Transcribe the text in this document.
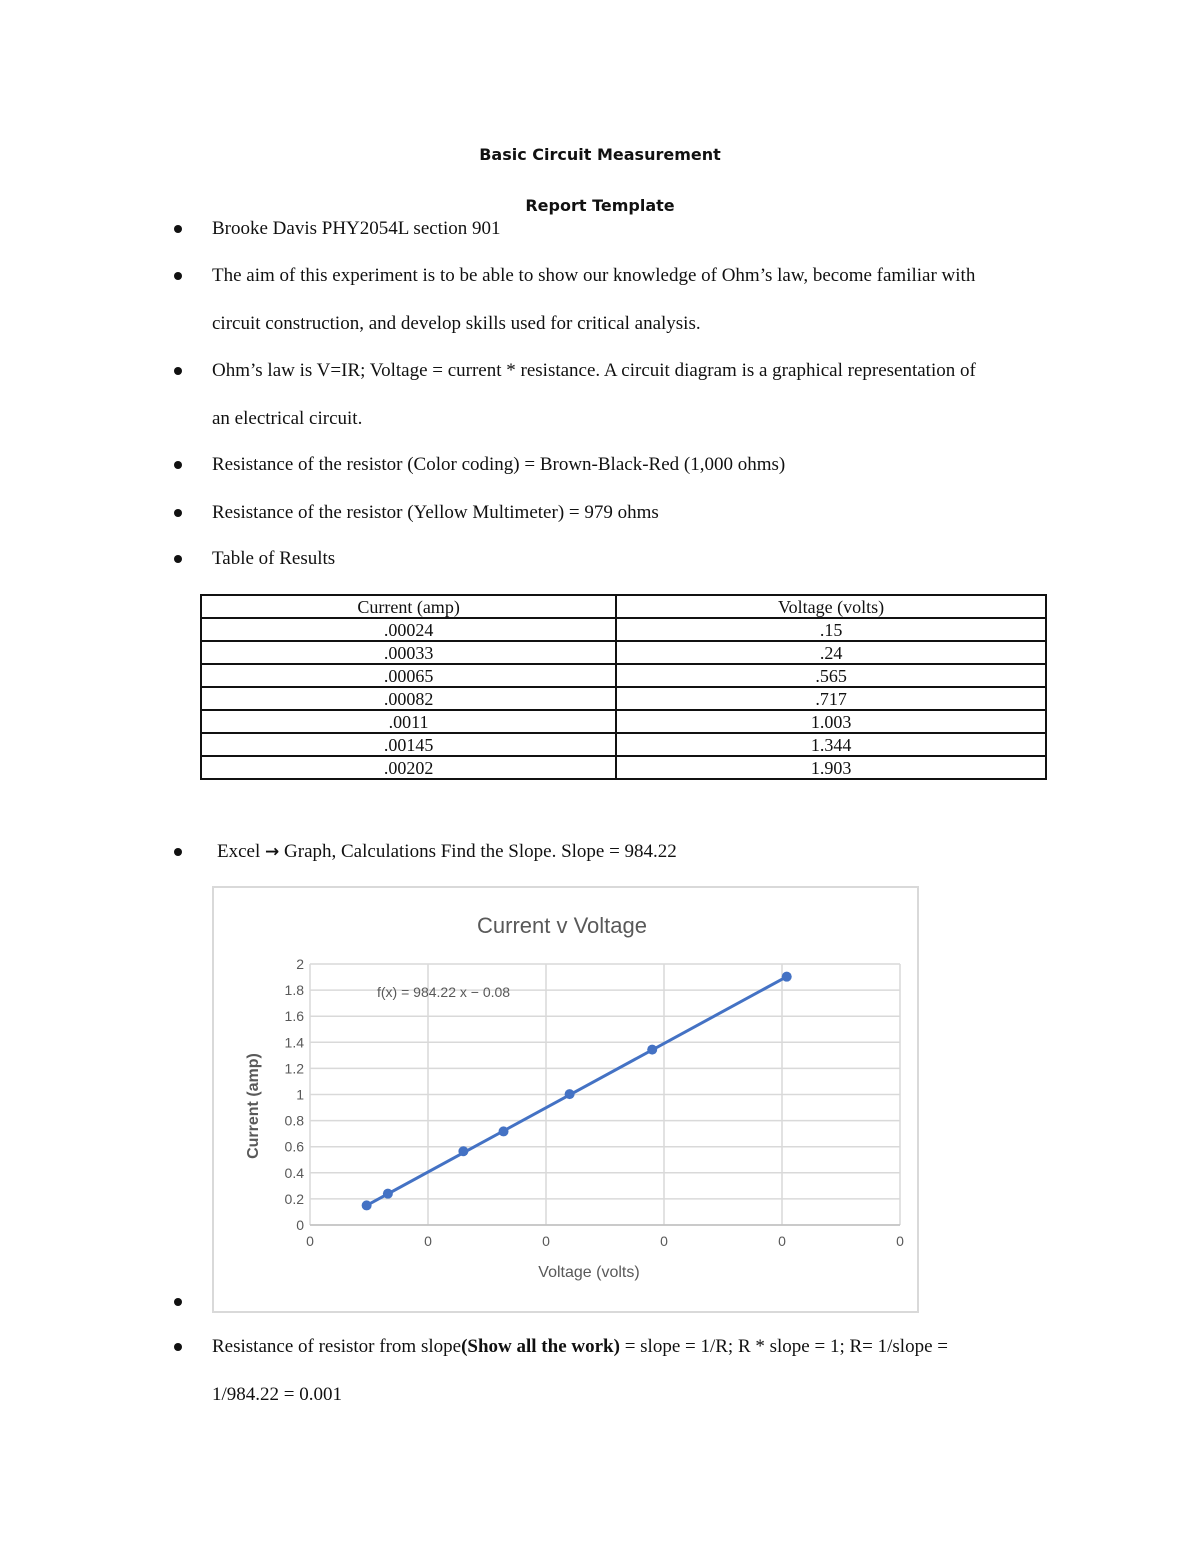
Basic Circuit Measurement
Report Template
Brooke Davis PHY2054L section 901
The aim of this experiment is to be able to show our knowledge of Ohm’s law, become familiar with
circuit construction, and develop skills used for critical analysis.
Ohm’s law is V=IR; Voltage = current * resistance. A circuit diagram is a graphical representation of
an electrical circuit.
Resistance of the resistor (Color coding) = Brown-Black-Red (1,000 ohms)
Resistance of the resistor (Yellow Multimeter) = 979 ohms
Table of Results
Current (amp)	Voltage (volts)
.00024	.15
.00033	.24
.00065	.565
.00082	.717
.0011	1.003
.00145	1.344
.00202	1.903
Excel → Graph, Calculations Find the Slope. Slope = 984.22
Current v Voltage
0
0.2
0.4
0.6
0.8
1
1.2
1.4
1.6
1.8
2
0	0	0	0	0	0
f(x) = 984.22 x − 0.08
Voltage (volts)
Current (amp)
Resistance of resistor from slope(Show all the work) = slope = 1/R; R * slope = 1; R= 1/slope =
1/984.22 = 0.001
